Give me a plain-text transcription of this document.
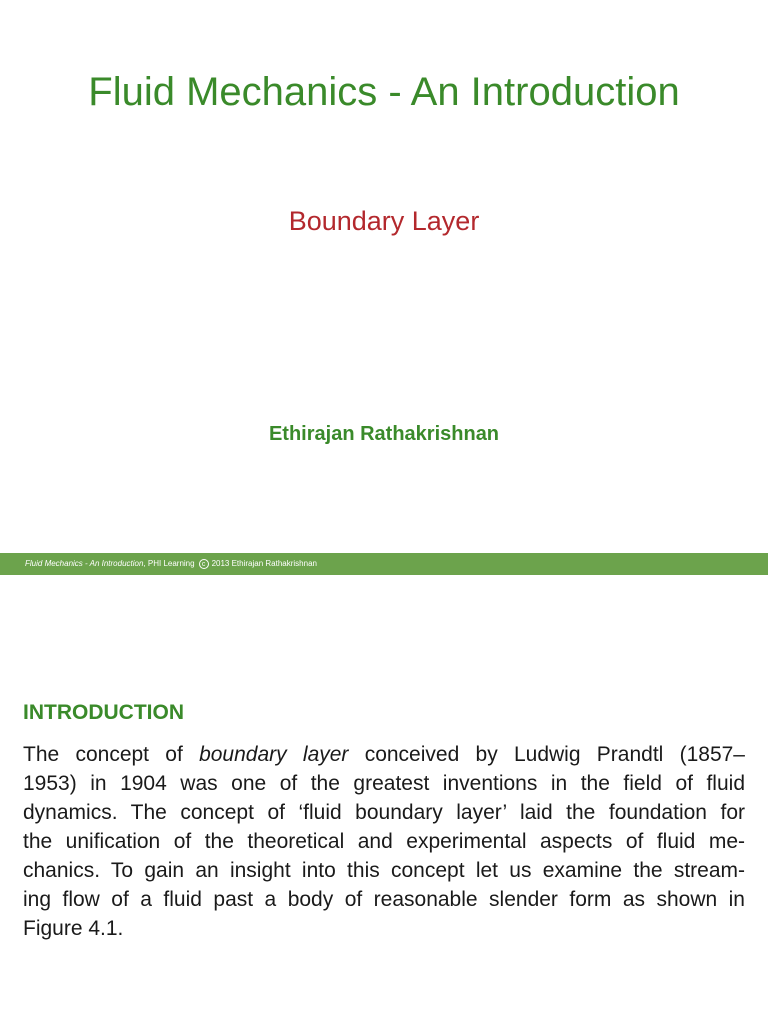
Fluid Mechanics - An Introduction
Boundary Layer
Ethirajan Rathakrishnan
Fluid Mechanics - An Introduction, PHI Learning c 2013 Ethirajan Rathakrishnan
INTRODUCTION
The concept of boundary layer conceived by Ludwig Prandtl (1857–
1953) in 1904 was one of the greatest inventions in the field of fluid
dynamics. The concept of ‘fluid boundary layer’ laid the foundation for
the unification of the theoretical and experimental aspects of fluid me-
chanics. To gain an insight into this concept let us examine the stream-
ing flow of a fluid past a body of reasonable slender form as shown in
Figure 4.1.
